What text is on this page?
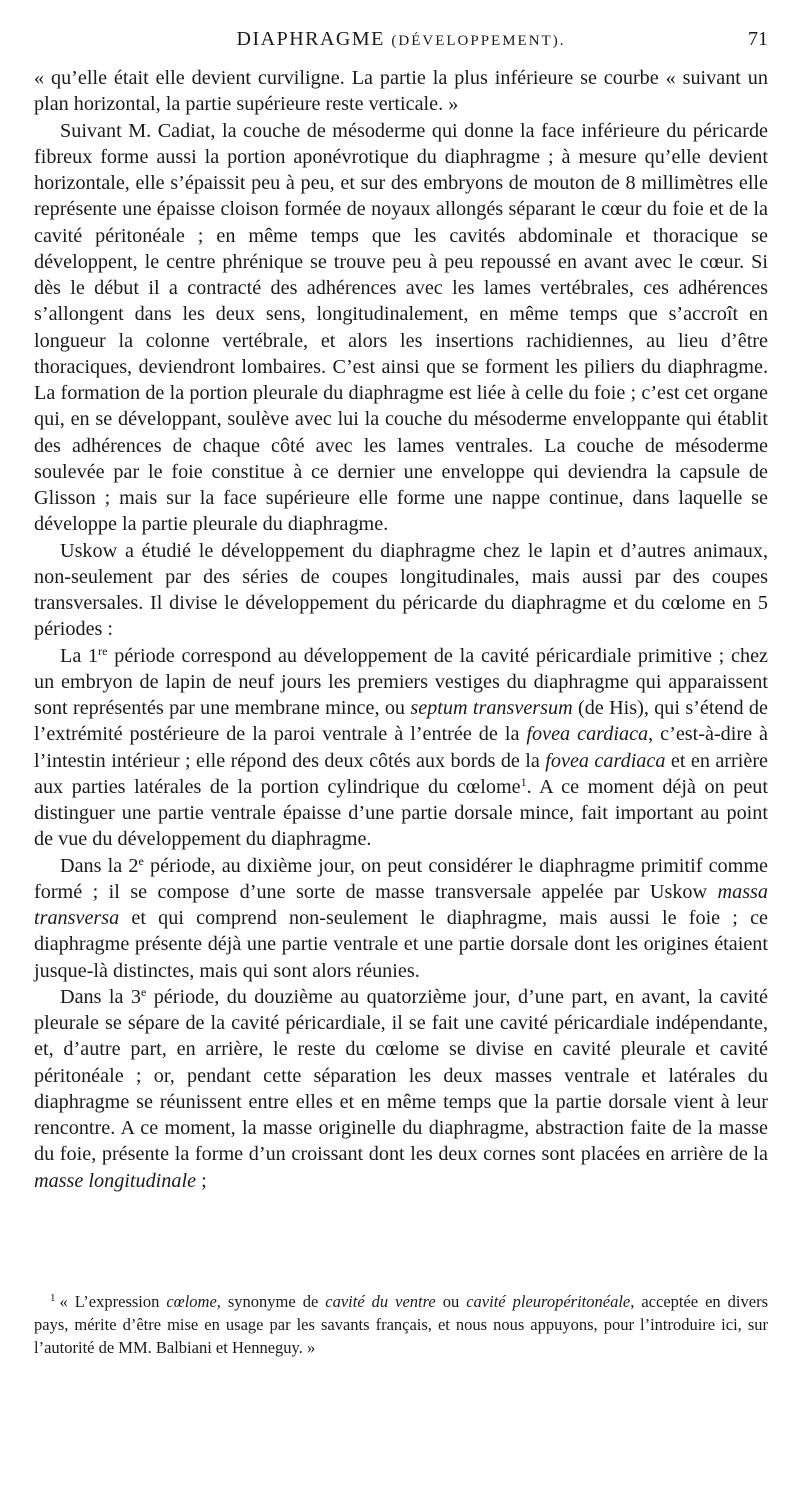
DIAPHRAGME (DÉVELOPPEMENT).	71

« qu’elle était elle devient curviligne. La partie la plus inférieure se courbe « suivant un plan horizontal, la partie supérieure reste verticale. »

Suivant M. Cadiat, la couche de mésoderme qui donne la face inférieure du péricarde fibreux forme aussi la portion aponévrotique du diaphragme ; à mesure qu’elle devient horizontale, elle s’épaissit peu à peu, et sur des embryons de mouton de 8 millimètres elle représente une épaisse cloison formée de noyaux allongés séparant le cœur du foie et de la cavité péritonéale ; en même temps que les cavités abdominale et thoracique se développent, le centre phrénique se trouve peu à peu repoussé en avant avec le cœur. Si dès le début il a contracté des adhérences avec les lames vertébrales, ces adhérences s’allongent dans les deux sens, longitudinalement, en même temps que s’accroît en longueur la colonne vertébrale, et alors les insertions rachidiennes, au lieu d’être thoraciques, deviendront lombaires. C’est ainsi que se forment les piliers du diaphragme. La formation de la portion pleurale du diaphragme est liée à celle du foie ; c’est cet organe qui, en se développant, soulève avec lui la couche du mésoderme enveloppante qui établit des adhérences de chaque côté avec les lames ventrales. La couche de mésoderme soulevée par le foie constitue à ce dernier une enveloppe qui deviendra la capsule de Glisson ; mais sur la face supérieure elle forme une nappe continue, dans laquelle se développe la partie pleurale du diaphragme.

Uskow a étudié le développement du diaphragme chez le lapin et d’autres animaux, non-seulement par des séries de coupes longitudinales, mais aussi par des coupes transversales. Il divise le développement du péricarde du diaphragme et du cœlome en 5 périodes :

La 1re période correspond au développement de la cavité péricardiale primitive ; chez un embryon de lapin de neuf jours les premiers vestiges du diaphragme qui apparaissent sont représentés par une membrane mince, ou septum transversum (de His), qui s’étend de l’extrémité postérieure de la paroi ventrale à l’entrée de la fovea cardiaca, c’est-à-dire à l’intestin intérieur ; elle répond des deux côtés aux bords de la fovea cardiaca et en arrière aux parties latérales de la portion cylindrique du cœlome$^1$. A ce moment déjà on peut distinguer une partie ventrale épaisse d’une partie dorsale mince, fait important au point de vue du développement du diaphragme.

Dans la 2e période, au dixième jour, on peut considérer le diaphragme primitif comme formé ; il se compose d’une sorte de masse transversale appelée par Uskow massa transversa et qui comprend non-seulement le diaphragme, mais aussi le foie ; ce diaphragme présente déjà une partie ventrale et une partie dorsale dont les origines étaient jusque-là distinctes, mais qui sont alors réunies.

Dans la 3e période, du douzième au quatorzième jour, d’une part, en avant, la cavité pleurale se sépare de la cavité péricardiale, il se fait une cavité péricardiale indépendante, et, d’autre part, en arrière, le reste du cœlome se divise en cavité pleurale et cavité péritonéale ; or, pendant cette séparation les deux masses ventrale et latérales du diaphragme se réunissent entre elles et en même temps que la partie dorsale vient à leur rencontre. A ce moment, la masse originelle du diaphragme, abstraction faite de la masse du foie, présente la forme d’un croissant dont les deux cornes sont placées en arrière de la masse longitudinale ;

$^1$ « L’expression cœlome, synonyme de cavité du ventre ou cavité pleuropéritonéale, acceptée en divers pays, mérite d’être mise en usage par les savants français, et nous nous appuyons, pour l’introduire ici, sur l’autorité de MM. Balbiani et Henneguy. »
